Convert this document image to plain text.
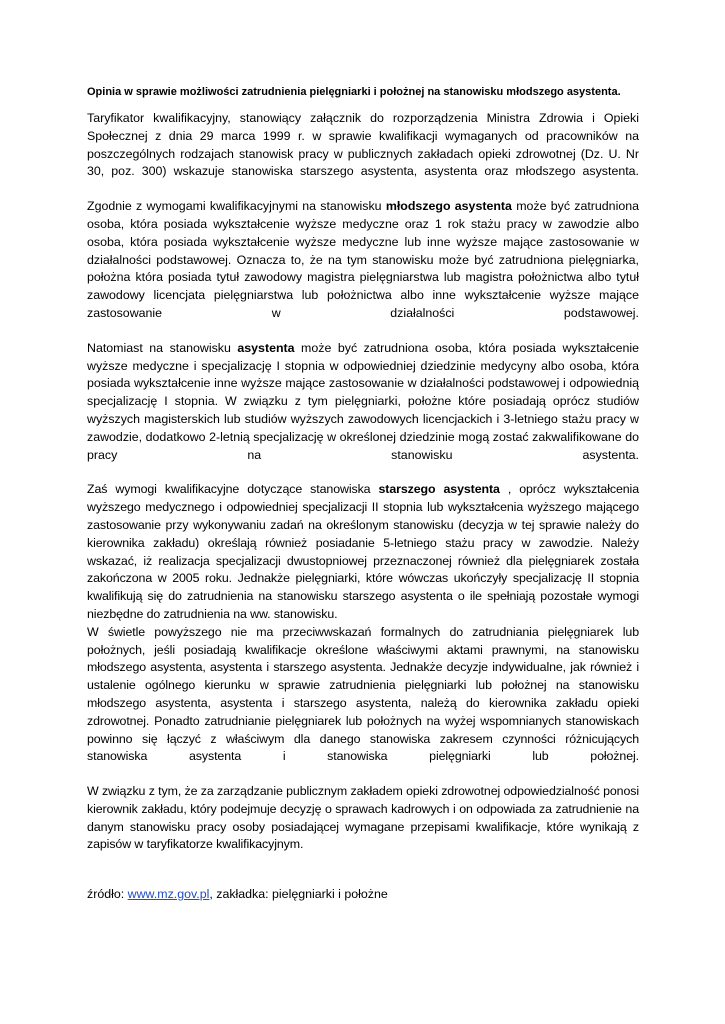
Opinia w sprawie możliwości zatrudnienia pielęgniarki i położnej na stanowisku młodszego asystenta.

Taryfikator kwalifikacyjny, stanowiący załącznik do rozporządzenia Ministra Zdrowia i Opieki Społecznej z dnia 29 marca 1999 r. w sprawie kwalifikacji wymaganych od pracowników na poszczególnych rodzajach stanowisk pracy w publicznych zakładach opieki zdrowotnej (Dz. U. Nr 30, poz. 300) wskazuje stanowiska starszego asystenta, asystenta oraz młodszego asystenta.

Zgodnie z wymogami kwalifikacyjnymi na stanowisku młodszego asystenta może być zatrudniona osoba, która posiada wykształcenie wyższe medyczne oraz 1 rok stażu pracy w zawodzie albo osoba, która posiada wykształcenie wyższe medyczne lub inne wyższe mające zastosowanie w działalności podstawowej. Oznacza to, że na tym stanowisku może być zatrudniona pielęgniarka, położna która posiada tytuł zawodowy magistra pielęgniarstwa lub magistra położnictwa albo tytuł zawodowy licencjata pielęgniarstwa lub położnictwa albo inne wykształcenie wyższe mające zastosowanie w działalności podstawowej.

Natomiast na stanowisku asystenta może być zatrudniona osoba, która posiada wykształcenie wyższe medyczne i specjalizację I stopnia w odpowiedniej dziedzinie medycyny albo osoba, która posiada wykształcenie inne wyższe mające zastosowanie w działalności podstawowej i odpowiednią specjalizację I stopnia. W związku z tym pielęgniarki, położne które posiadają oprócz studiów wyższych magisterskich lub studiów wyższych zawodowych licencjackich i 3-letniego stażu pracy w zawodzie, dodatkowo 2-letnią specjalizację w określonej dziedzinie mogą zostać zakwalifikowane do pracy na stanowisku asystenta.

Zaś wymogi kwalifikacyjne dotyczące stanowiska starszego asystenta , oprócz wykształcenia wyższego medycznego i odpowiedniej specjalizacji II stopnia lub wykształcenia wyższego mającego zastosowanie przy wykonywaniu zadań na określonym stanowisku (decyzja w tej sprawie należy do kierownika zakładu) określają również posiadanie 5-letniego stażu pracy w zawodzie. Należy wskazać, iż realizacja specjalizacji dwustopniowej przeznaczonej również dla pielęgniarek została zakończona w 2005 roku. Jednakże pielęgniarki, które wówczas ukończyły specjalizację II stopnia kwalifikują się do zatrudnienia na stanowisku starszego asystenta o ile spełniają pozostałe wymogi niezbędne do zatrudnienia na ww. stanowisku.

W świetle powyższego nie ma przeciwwskazań formalnych do zatrudniania pielęgniarek lub położnych, jeśli posiadają kwalifikacje określone właściwymi aktami prawnymi, na stanowisku młodszego asystenta, asystenta i starszego asystenta. Jednakże decyzje indywidualne, jak również i ustalenie ogólnego kierunku w sprawie zatrudnienia pielęgniarki lub położnej na stanowisku młodszego asystenta, asystenta i starszego asystenta, należą do kierownika zakładu opieki zdrowotnej. Ponadto zatrudnianie pielęgniarek lub położnych na wyżej wspomnianych stanowiskach powinno się łączyć z właściwym dla danego stanowiska zakresem czynności różnicujących stanowiska asystenta i stanowiska pielęgniarki lub położnej.

W związku z tym, że za zarządzanie publicznym zakładem opieki zdrowotnej odpowiedzialność ponosi kierownik zakładu, który podejmuje decyzję o sprawach kadrowych i on odpowiada za zatrudnienie na danym stanowisku pracy osoby posiadającej wymagane przepisami kwalifikacje, które wynikają z zapisów w taryfikatorze kwalifikacyjnym.

źródło: www.mz.gov.pl, zakładka: pielęgniarki i położne
